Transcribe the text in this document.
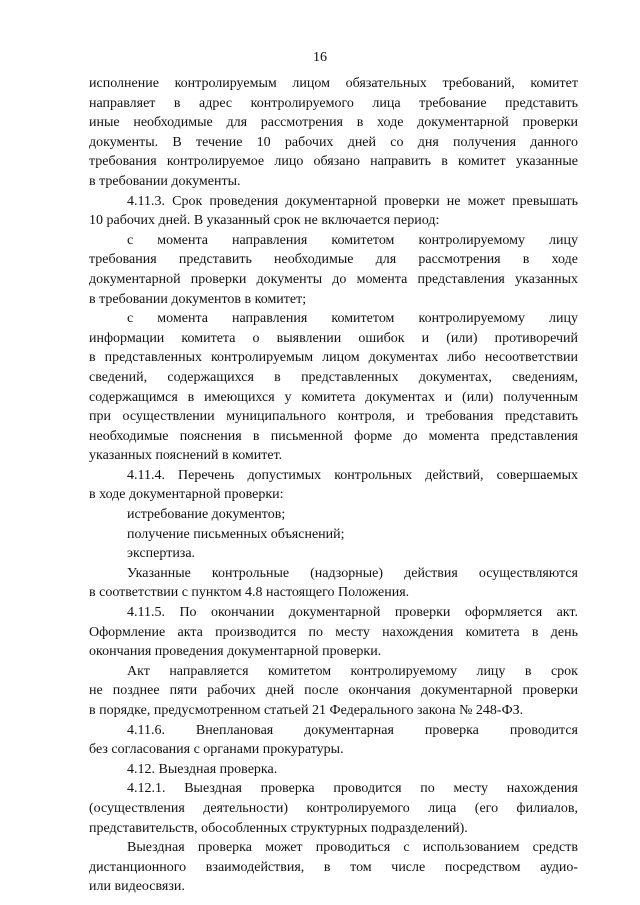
16
исполнение контролируемым лицом обязательных требований, комитет
направляет в адрес контролируемого лица требование представить
иные необходимые для рассмотрения в ходе документарной проверки
документы. В течение 10 рабочих дней со дня получения данного
требования контролируемое лицо обязано направить в комитет указанные
в требовании документы.
4.11.3. Срок проведения документарной проверки не может превышать
10 рабочих дней. В указанный срок не включается период:
с момента направления комитетом контролируемому лицу
требования представить необходимые для рассмотрения в ходе
документарной проверки документы до момента представления указанных
в требовании документов в комитет;
с момента направления комитетом контролируемому лицу
информации комитета о выявлении ошибок и (или) противоречий
в представленных контролируемым лицом документах либо несоответствии
сведений, содержащихся в представленных документах, сведениям,
содержащимся в имеющихся у комитета документах и (или) полученным
при осуществлении муниципального контроля, и требования представить
необходимые пояснения в письменной форме до момента представления
указанных пояснений в комитет.
4.11.4. Перечень допустимых контрольных действий, совершаемых
в ходе документарной проверки:
истребование документов;
получение письменных объяснений;
экспертиза.
Указанные контрольные (надзорные) действия осуществляются
в соответствии с пунктом 4.8 настоящего Положения.
4.11.5. По окончании документарной проверки оформляется акт.
Оформление акта производится по месту нахождения комитета в день
окончания проведения документарной проверки.
Акт направляется комитетом контролируемому лицу в срок
не позднее пяти рабочих дней после окончания документарной проверки
в порядке, предусмотренном статьей 21 Федерального закона № 248-ФЗ.
4.11.6. Внеплановая документарная проверка проводится
без согласования с органами прокуратуры.
4.12. Выездная проверка.
4.12.1. Выездная проверка проводится по месту нахождения
(осуществления деятельности) контролируемого лица (его филиалов,
представительств, обособленных структурных подразделений).
Выездная проверка может проводиться с использованием средств
дистанционного взаимодействия, в том числе посредством аудио-
или видеосвязи.
